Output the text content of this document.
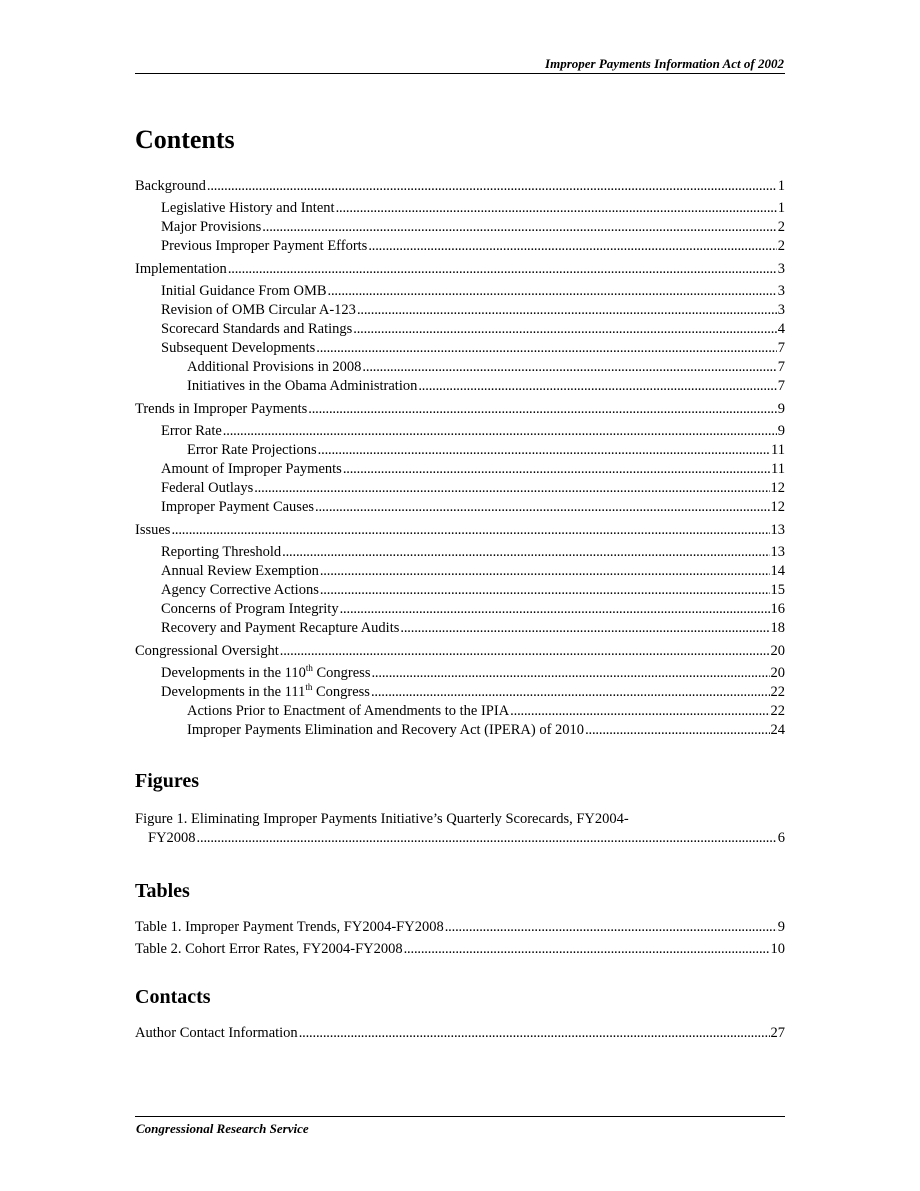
Improper Payments Information Act of 2002
Contents
Background . . .	1
Legislative History and Intent . . .	1
Major Provisions . . .	2
Previous Improper Payment Efforts . . .	2
Implementation . . .	3
Initial Guidance From OMB . . .	3
Revision of OMB Circular A-123 . . .	3
Scorecard Standards and Ratings . . .	4
Subsequent Developments . . .	7
Additional Provisions in 2008 . . .	7
Initiatives in the Obama Administration . . .	7
Trends in Improper Payments . . .	9
Error Rate . . .	9
Error Rate Projections . . .	11
Amount of Improper Payments . . .	11
Federal Outlays . . .	12
Improper Payment Causes . . .	12
Issues . . .	13
Reporting Threshold . . .	13
Annual Review Exemption . . .	14
Agency Corrective Actions . . .	15
Concerns of Program Integrity . . .	16
Recovery and Payment Recapture Audits . . .	18
Congressional Oversight . . .	20
Developments in the 110th Congress . . .	20
Developments in the 111th Congress . . .	22
Actions Prior to Enactment of Amendments to the IPIA . . .	22
Improper Payments Elimination and Recovery Act (IPERA) of 2010 . . .	24
Figures
Figure 1. Eliminating Improper Payments Initiative’s Quarterly Scorecards, FY2004-
FY2008 . . .	6
Tables
Table 1. Improper Payment Trends, FY2004-FY2008 . . .	9
Table 2. Cohort Error Rates, FY2004-FY2008 . . .	10
Contacts
Author Contact Information . . .	27
Congressional Research Service
